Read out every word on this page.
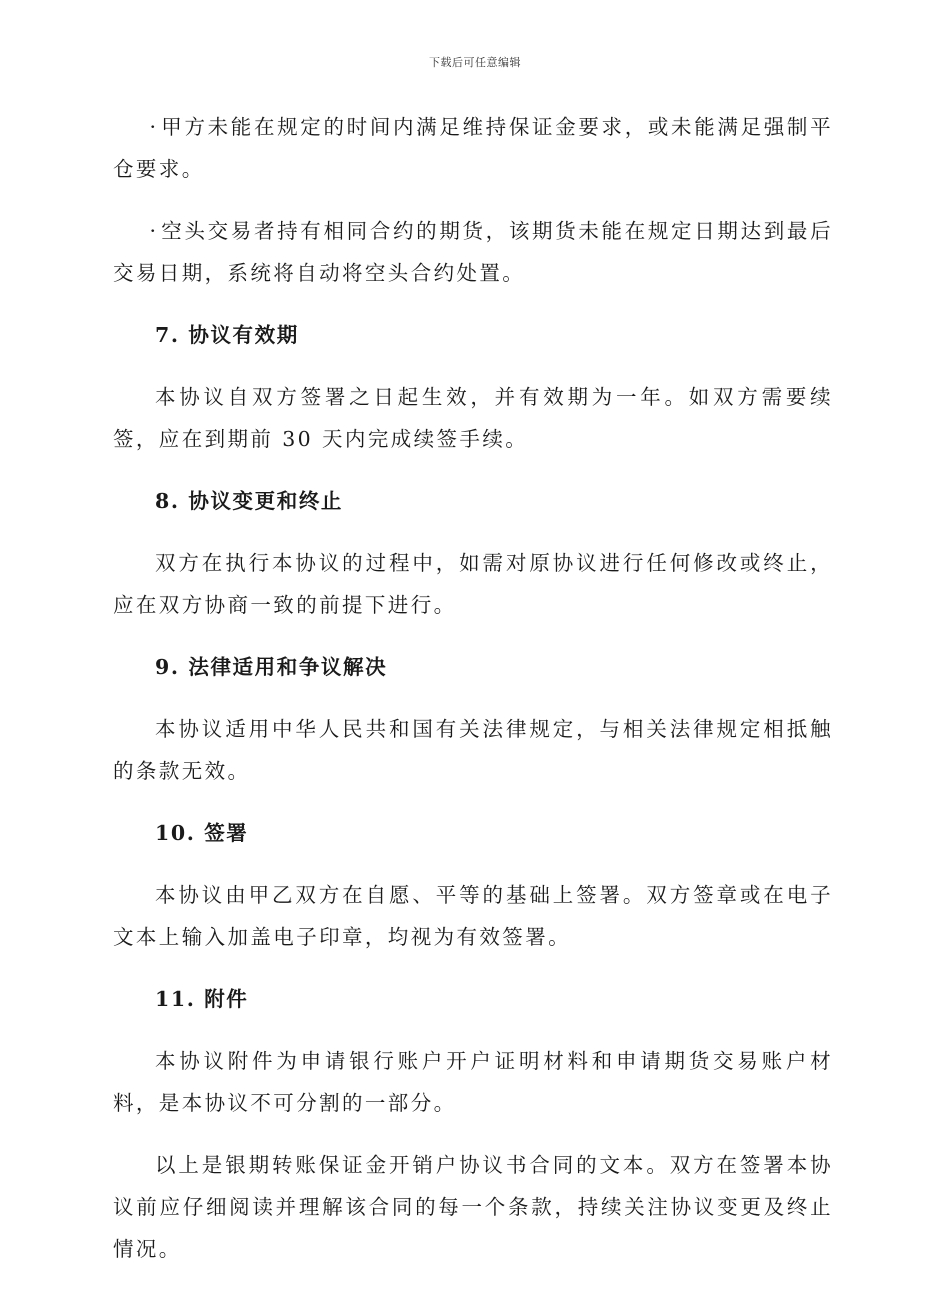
下载后可任意编辑

· 甲方未能在规定的时间内满足维持保证金要求，或未能满足强制平仓要求。

· 空头交易者持有相同合约的期货，该期货未能在规定日期达到最后交易日期，系统将自动将空头合约处置。

7. 协议有效期

本协议自双方签署之日起生效，并有效期为一年。如双方需要续签，应在到期前 30 天内完成续签手续。

8. 协议变更和终止

双方在执行本协议的过程中，如需对原协议进行任何修改或终止，应在双方协商一致的前提下进行。

9. 法律适用和争议解决

本协议适用中华人民共和国有关法律规定，与相关法律规定相抵触的条款无效。

10. 签署

本协议由甲乙双方在自愿、平等的基础上签署。双方签章或在电子文本上输入加盖电子印章，均视为有效签署。

11. 附件

本协议附件为申请银行账户开户证明材料和申请期货交易账户材料，是本协议不可分割的一部分。

以上是银期转账保证金开销户协议书合同的文本。双方在签署本协议前应仔细阅读并理解该合同的每一个条款，持续关注协议变更及终止情况。
